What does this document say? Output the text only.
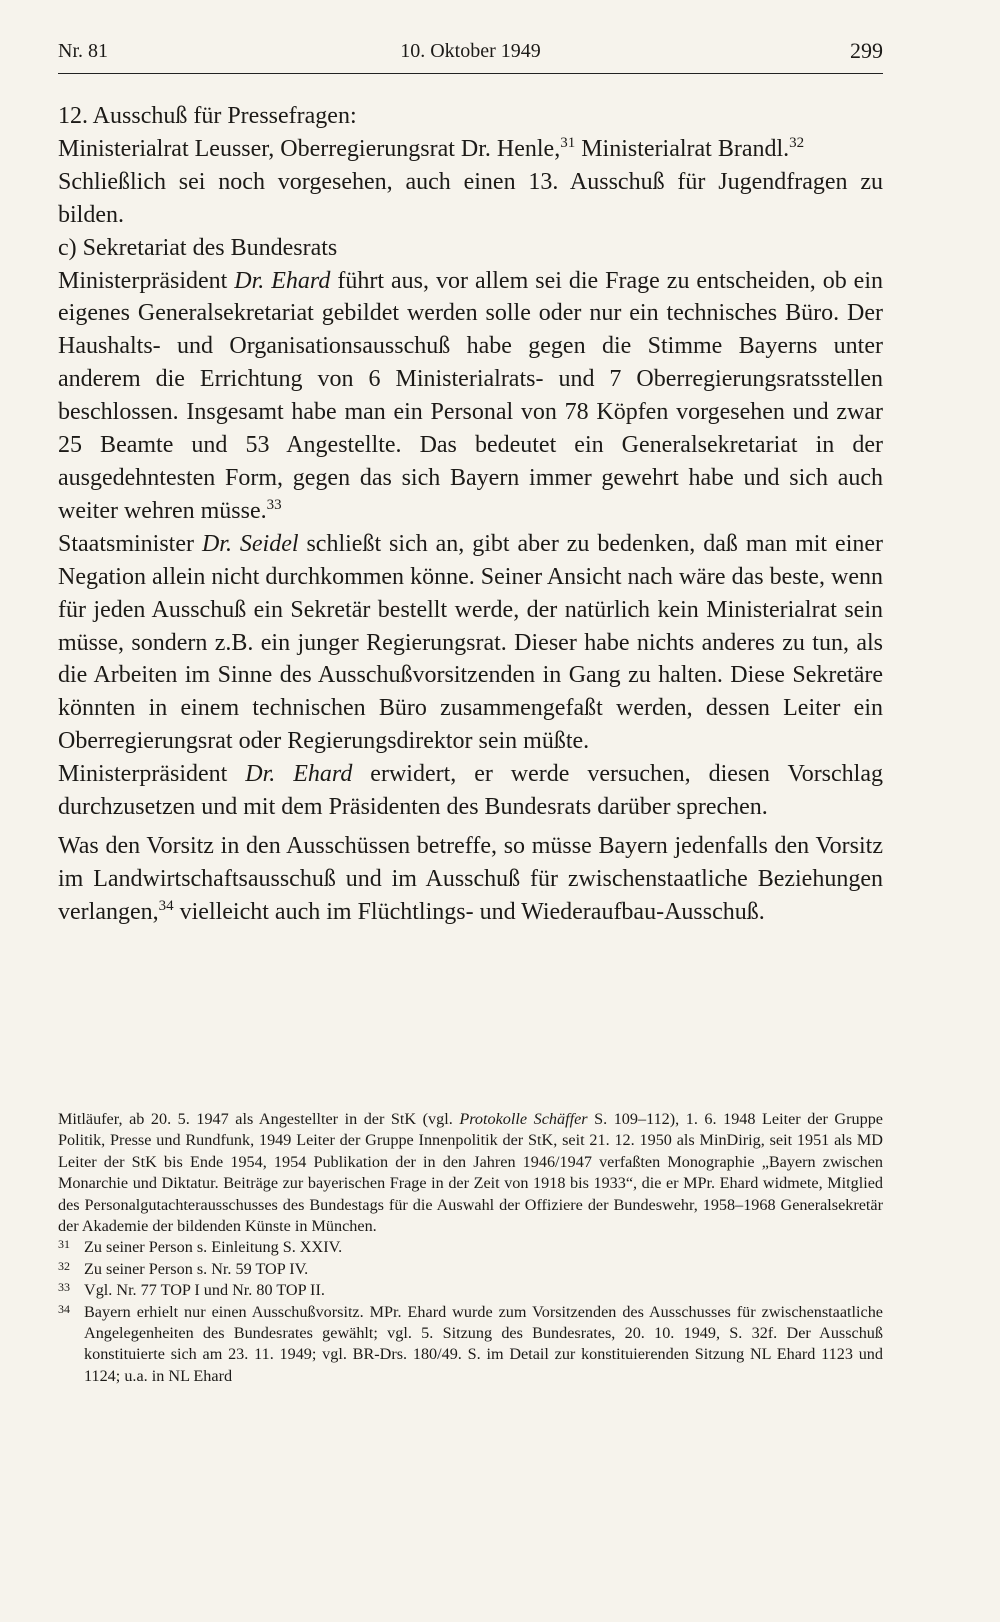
Nr. 81	10. Oktober 1949	299

12. Ausschuß für Pressefragen:

Ministerialrat Leusser, Oberregierungsrat Dr. Henle,$^{31}$ Ministerialrat Brandl.$^{32}$

Schließlich sei noch vorgesehen, auch einen 13. Ausschuß für Jugendfragen zu bilden.

c) Sekretariat des Bundesrats

Ministerpräsident Dr. Ehard führt aus, vor allem sei die Frage zu entscheiden, ob ein eigenes Generalsekretariat gebildet werden solle oder nur ein technisches Büro. Der Haushalts- und Organisationsausschuß habe gegen die Stimme Bayerns unter anderem die Errichtung von 6 Ministerialrats- und 7 Oberregierungsratsstellen beschlossen. Insgesamt habe man ein Personal von 78 Köpfen vorgesehen und zwar 25 Beamte und 53 Angestellte. Das bedeutet ein Generalsekretariat in der ausgedehntesten Form, gegen das sich Bayern immer gewehrt habe und sich auch weiter wehren müsse.$^{33}$

Staatsminister Dr. Seidel schließt sich an, gibt aber zu bedenken, daß man mit einer Negation allein nicht durchkommen könne. Seiner Ansicht nach wäre das beste, wenn für jeden Ausschuß ein Sekretär bestellt werde, der natürlich kein Ministerialrat sein müsse, sondern z.B. ein junger Regierungsrat. Dieser habe nichts anderes zu tun, als die Arbeiten im Sinne des Ausschußvorsitzenden in Gang zu halten. Diese Sekretäre könnten in einem technischen Büro zusammengefaßt werden, dessen Leiter ein Oberregierungsrat oder Regierungsdirektor sein müßte.

Ministerpräsident Dr. Ehard erwidert, er werde versuchen, diesen Vorschlag durchzusetzen und mit dem Präsidenten des Bundesrats darüber sprechen.

Was den Vorsitz in den Ausschüssen betreffe, so müsse Bayern jedenfalls den Vorsitz im Landwirtschaftsausschuß und im Ausschuß für zwischenstaatliche Beziehungen verlangen,$^{34}$ vielleicht auch im Flüchtlings- und Wiederaufbau-Ausschuß.

Mitläufer, ab 20. 5. 1947 als Angestellter in der StK (vgl. Protokolle Schäffer S. 109–112), 1. 6. 1948 Leiter der Gruppe Politik, Presse und Rundfunk, 1949 Leiter der Gruppe Innenpolitik der StK, seit 21. 12. 1950 als MinDirig, seit 1951 als MD Leiter der StK bis Ende 1954, 1954 Publikation der in den Jahren 1946/1947 verfaßten Monographie „Bayern zwischen Monarchie und Diktatur. Beiträge zur bayerischen Frage in der Zeit von 1918 bis 1933“, die er MPr. Ehard widmete, Mitglied des Personalgutachterausschusses des Bundestags für die Auswahl der Offiziere der Bundeswehr, 1958–1968 Generalsekretär der Akademie der bildenden Künste in München.

31 Zu seiner Person s. Einleitung S. XXIV.

32 Zu seiner Person s. Nr. 59 TOP IV.

33 Vgl. Nr. 77 TOP I und Nr. 80 TOP II.

34 Bayern erhielt nur einen Ausschußvorsitz. MPr. Ehard wurde zum Vorsitzenden des Ausschusses für zwischenstaatliche Angelegenheiten des Bundesrates gewählt; vgl. 5. Sitzung des Bundesrates, 20. 10. 1949, S. 32f. Der Ausschuß konstituierte sich am 23. 11. 1949; vgl. BR-Drs. 180/49. S. im Detail zur konstituierenden Sitzung NL Ehard 1123 und 1124; u.a. in NL Ehard
